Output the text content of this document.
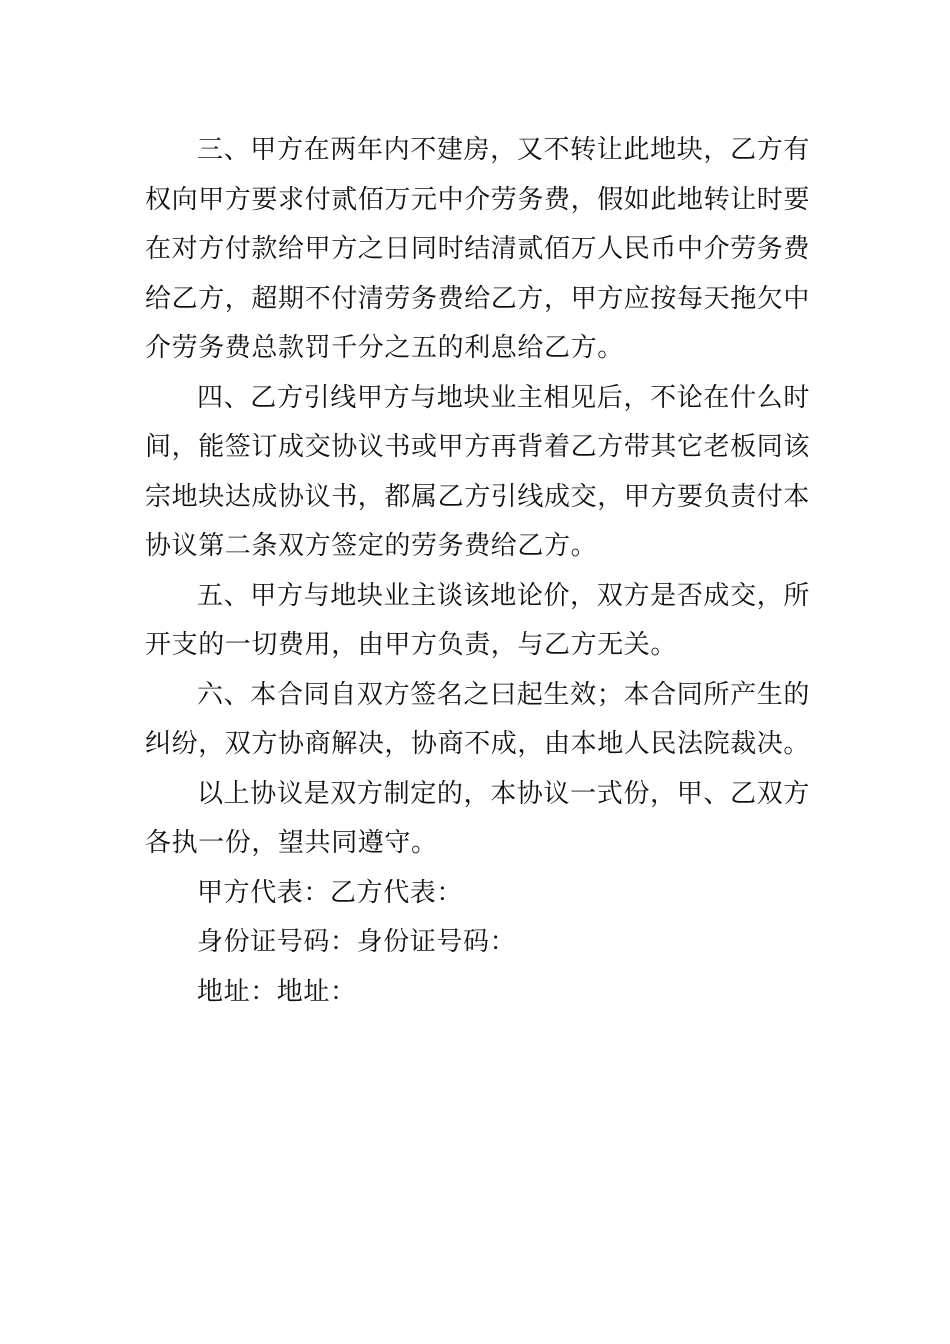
三、甲方在两年内不建房，又不转让此地块，乙方有权向甲方要求付贰佰万元中介劳务费，假如此地转让时要在对方付款给甲方之日同时结清贰佰万人民币中介劳务费给乙方，超期不付清劳务费给乙方，甲方应按每天拖欠中介劳务费总款罚千分之五的利息给乙方。

四、乙方引线甲方与地块业主相见后，不论在什么时间，能签订成交协议书或甲方再背着乙方带其它老板同该宗地块达成协议书，都属乙方引线成交，甲方要负责付本协议第二条双方签定的劳务费给乙方。

五、甲方与地块业主谈该地论价，双方是否成交，所开支的一切费用，由甲方负责，与乙方无关。

六、本合同自双方签名之曰起生效；本合同所产生的纠纷，双方协商解决，协商不成，由本地人民法院裁决。

以上协议是双方制定的，本协议一式份，甲、乙双方各执一份，望共同遵守。

甲方代表：乙方代表：

身份证号码：身份证号码：

地址：地址：
